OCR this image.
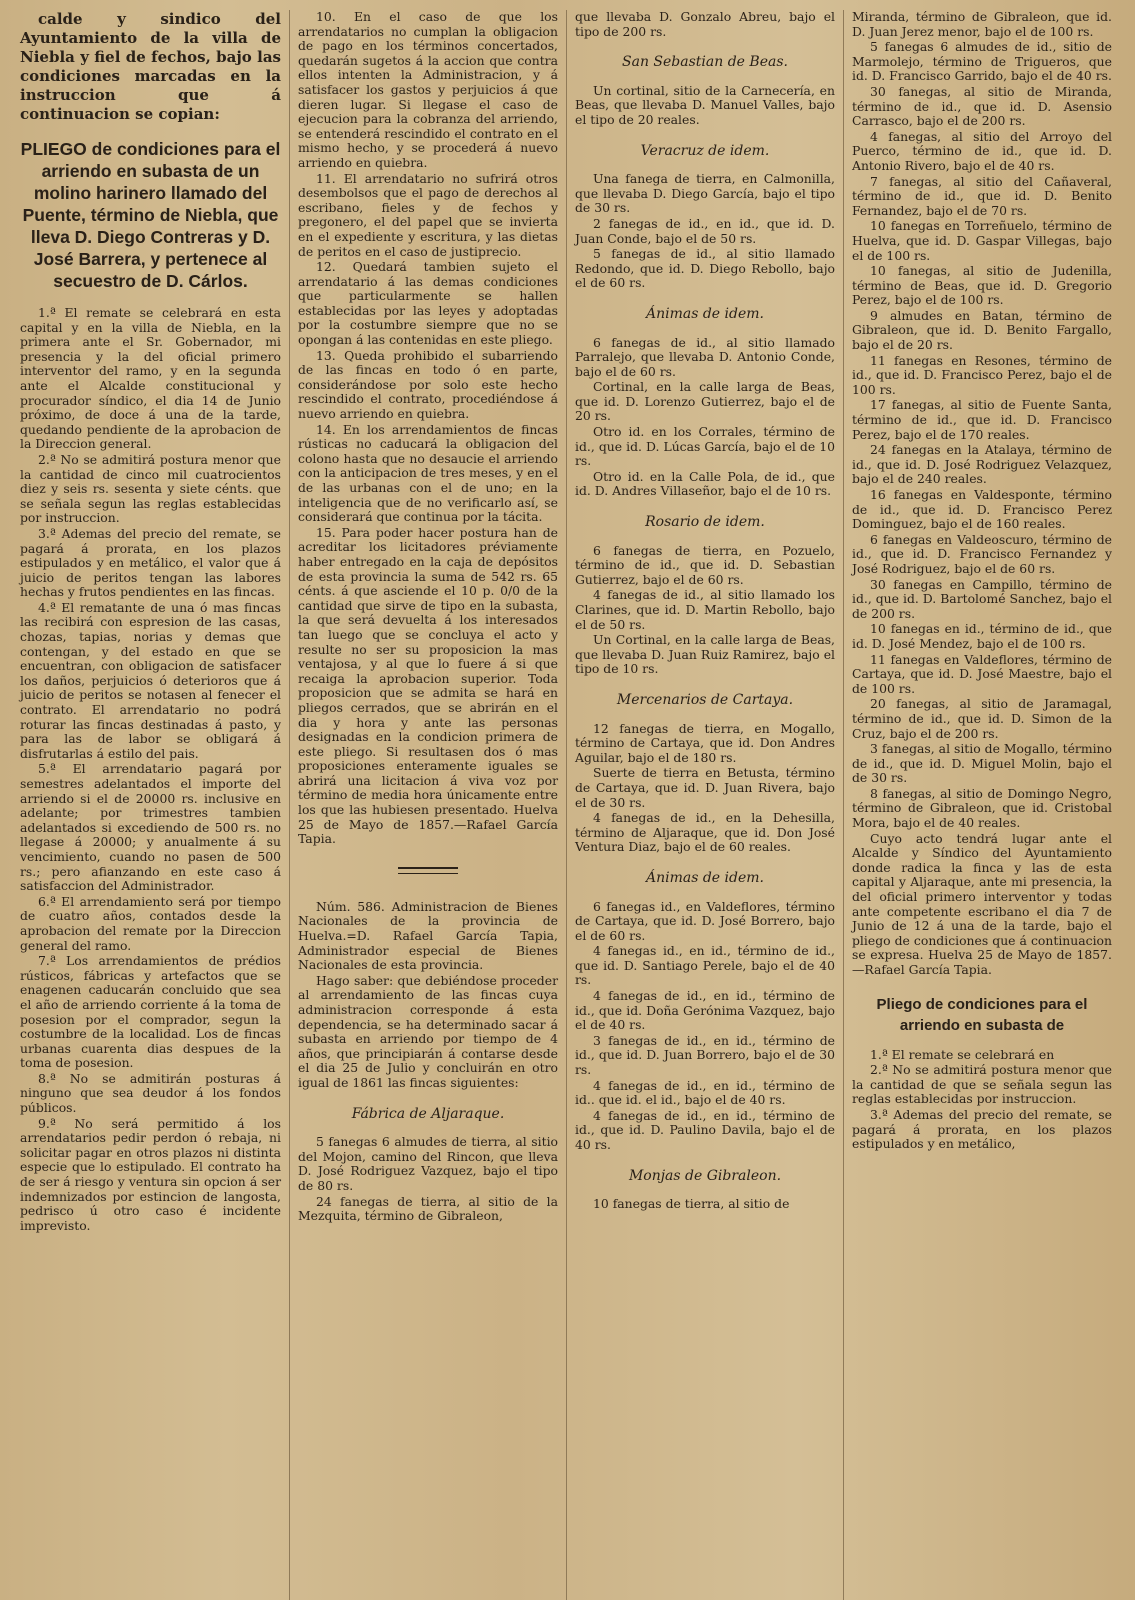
calde y sindico del Ayuntamiento de la villa de Niebla y fiel de fechos, bajo las condiciones marcadas en la instruccion que á continuacion se copian:

PLIEGO de condiciones para el arriendo en subasta de un molino harinero llamado del Puente, término de Niebla, que lleva D. Diego Contreras y D. José Barrera, y pertenece al secuestro de D. Cárlos.

1.ª El remate se celebrará en esta capital y en la villa de Niebla, en la primera ante el Sr. Gobernador, mi presencia y la del oficial primero interventor del ramo, y en la segunda ante el Alcalde constitucional y procurador síndico, el dia 14 de Junio próximo, de doce á una de la tarde, quedando pendiente de la aprobacion de la Direccion general.

2.ª No se admitirá postura menor que la cantidad de cinco mil cuatrocientos diez y seis rs. sesenta y siete cénts. que se señala segun las reglas establecidas por instruccion.

3.ª Ademas del precio del remate, se pagará á prorata, en los plazos estipulados y en metálico, el valor que á juicio de peritos tengan las labores hechas y frutos pendientes en las fincas.

4.ª El rematante de una ó mas fincas las recibirá con espresion de las casas, chozas, tapias, norias y demas que contengan, y del estado en que se encuentran, con obligacion de satisfacer los daños, perjuicios ó deterioros que á juicio de peritos se notasen al fenecer el contrato. El arrendatario no podrá roturar las fincas destinadas á pasto, y para las de labor se obligará á disfrutarlas á estilo del pais.

5.ª El arrendatario pagará por semestres adelantados el importe del arriendo si el de 20000 rs. inclusive en adelante; por trimestres tambien adelantados si excediendo de 500 rs. no llegase á 20000; y anualmente á su vencimiento, cuando no pasen de 500 rs.; pero afianzando en este caso á satisfaccion del Administrador.

6.ª El arrendamiento será por tiempo de cuatro años, contados desde la aprobacion del remate por la Direccion general del ramo.

7.ª Los arrendamientos de prédios rústicos, fábricas y artefactos que se enagenen caducarán concluido que sea el año de arriendo corriente á la toma de posesion por el comprador, segun la costumbre de la localidad. Los de fincas urbanas cuarenta dias despues de la toma de posesion.

8.ª No se admitirán posturas á ninguno que sea deudor á los fondos públicos.

9.ª No será permitido á los arrendatarios pedir perdon ó rebaja, ni solicitar pagar en otros plazos ni distinta especie que lo estipulado. El contrato ha de ser á riesgo y ventura sin opcion á ser indemnizados por estincion de langosta, pedrisco ú otro caso é incidente imprevisto.

10. En el caso de que los arrendatarios no cumplan la obligacion de pago en los términos concertados, quedarán sugetos á la accion que contra ellos intenten la Administracion, y á satisfacer los gastos y perjuicios á que dieren lugar. Si llegase el caso de ejecucion para la cobranza del arriendo, se entenderá rescindido el contrato en el mismo hecho, y se procederá á nuevo arriendo en quiebra.

11. El arrendatario no sufrirá otros desembolsos que el pago de derechos al escribano, fieles y de fechos y pregonero, el del papel que se invierta en el expediente y escritura, y las dietas de peritos en el caso de justiprecio.

12. Quedará tambien sujeto el arrendatario á las demas condiciones que particularmente se hallen establecidas por las leyes y adoptadas por la costumbre siempre que no se opongan á las contenidas en este pliego.

13. Queda prohibido el subarriendo de las fincas en todo ó en parte, considerándose por solo este hecho rescindido el contrato, procediéndose á nuevo arriendo en quiebra.

14. En los arrendamientos de fincas rústicas no caducará la obligacion del colono hasta que no desaucie el arriendo con la anticipacion de tres meses, y en el de las urbanas con el de uno; en la inteligencia que de no verificarlo así, se considerará que continua por la tácita.

15. Para poder hacer postura han de acreditar los licitadores préviamente haber entregado en la caja de depósitos de esta provincia la suma de 542 rs. 65 cénts. á que asciende el 10 p. 0/0 de la cantidad que sirve de tipo en la subasta, la que será devuelta á los interesados tan luego que se concluya el acto y resulte no ser su proposicion la mas ventajosa, y al que lo fuere á si que recaiga la aprobacion superior. Toda proposicion que se admita se hará en pliegos cerrados, que se abrirán en el dia y hora y ante las personas designadas en la condicion primera de este pliego. Si resultasen dos ó mas proposiciones enteramente iguales se abrirá una licitacion á viva voz por término de media hora únicamente entre los que las hubiesen presentado. Huelva 25 de Mayo de 1857.—Rafael García Tapia.

Núm. 586. Administracion de Bienes Nacionales de la provincia de Huelva.=D. Rafael García Tapia, Administrador especial de Bienes Nacionales de esta provincia.

Hago saber: que debiéndose proceder al arrendamiento de las fincas cuya administracion corresponde á esta dependencia, se ha determinado sacar á subasta en arriendo por tiempo de 4 años, que principiarán á contarse desde el dia 25 de Julio y concluirán en otro igual de 1861 las fincas siguientes:

Fábrica de Aljaraque.

5 fanegas 6 almudes de tierra, al sitio del Mojon, camino del Rincon, que lleva D. José Rodriguez Vazquez, bajo el tipo de 80 rs.

24 fanegas de tierra, al sitio de la Mezquita, término de Gibraleon,

que llevaba D. Gonzalo Abreu, bajo el tipo de 200 rs.

San Sebastian de Beas.

Un cortinal, sitio de la Carnecería, en Beas, que llevaba D. Manuel Valles, bajo el tipo de 20 reales.

Veracruz de idem.

Una fanega de tierra, en Calmonilla, que llevaba D. Diego García, bajo el tipo de 30 rs.

2 fanegas de id., en id., que id. D. Juan Conde, bajo el de 50 rs.

5 fanegas de id., al sitio llamado Redondo, que id. D. Diego Rebollo, bajo el de 60 rs.

Ánimas de idem.

6 fanegas de id., al sitio llamado Parralejo, que llevaba D. Antonio Conde, bajo el de 60 rs.

Cortinal, en la calle larga de Beas, que id. D. Lorenzo Gutierrez, bajo el de 20 rs.

Otro id. en los Corrales, término de id., que id. D. Lúcas García, bajo el de 10 rs.

Otro id. en la Calle Pola, de id., que id. D. Andres Villaseñor, bajo el de 10 rs.

Rosario de idem.

6 fanegas de tierra, en Pozuelo, término de id., que id. D. Sebastian Gutierrez, bajo el de 60 rs.

4 fanegas de id., al sitio llamado los Clarines, que id. D. Martin Rebollo, bajo el de 50 rs.

Un Cortinal, en la calle larga de Beas, que llevaba D. Juan Ruiz Ramirez, bajo el tipo de 10 rs.

Mercenarios de Cartaya.

12 fanegas de tierra, en Mogallo, término de Cartaya, que id. Don Andres Aguilar, bajo el de 180 rs.

Suerte de tierra en Betusta, término de Cartaya, que id. D. Juan Rivera, bajo el de 30 rs.

4 fanegas de id., en la Dehesilla, término de Aljaraque, que id. Don José Ventura Diaz, bajo el de 60 reales.

Ánimas de idem.

6 fanegas id., en Valdeflores, término de Cartaya, que id. D. José Borrero, bajo el de 60 rs.

4 fanegas id., en id., término de id., que id. D. Santiago Perele, bajo el de 40 rs.

4 fanegas de id., en id., término de id., que id. Doña Gerónima Vazquez, bajo el de 40 rs.

3 fanegas de id., en id., término de id., que id. D. Juan Borrero, bajo el de 30 rs.

4 fanegas de id., en id., término de id.. que id. el id., bajo el de 40 rs.

4 fanegas de id., en id., término de id., que id. D. Paulino Davila, bajo el de 40 rs.

Monjas de Gibraleon.

10 fanegas de tierra, al sitio de

Miranda, término de Gibraleon, que id. D. Juan Jerez menor, bajo el de 100 rs.

5 fanegas 6 almudes de id., sitio de Marmolejo, término de Trigueros, que id. D. Francisco Garrido, bajo el de 40 rs.

30 fanegas, al sitio de Miranda, término de id., que id. D. Asensio Carrasco, bajo el de 200 rs.

4 fanegas, al sitio del Arroyo del Puerco, término de id., que id. D. Antonio Rivero, bajo el de 40 rs.

7 fanegas, al sitio del Cañaveral, término de id., que id. D. Benito Fernandez, bajo el de 70 rs.

10 fanegas en Torreñuelo, término de Huelva, que id. D. Gaspar Villegas, bajo el de 100 rs.

10 fanegas, al sitio de Judenilla, término de Beas, que id. D. Gregorio Perez, bajo el de 100 rs.

9 almudes en Batan, término de Gibraleon, que id. D. Benito Fargallo, bajo el de 20 rs.

11 fanegas en Resones, término de id., que id. D. Francisco Perez, bajo el de 100 rs.

17 fanegas, al sitio de Fuente Santa, término de id., que id. D. Francisco Perez, bajo el de 170 reales.

24 fanegas en la Atalaya, término de id., que id. D. José Rodriguez Velazquez, bajo el de 240 reales.

16 fanegas en Valdesponte, término de id., que id. D. Francisco Perez Dominguez, bajo el de 160 reales.

6 fanegas en Valdeoscuro, término de id., que id. D. Francisco Fernandez y José Rodriguez, bajo el de 60 rs.

30 fanegas en Campillo, término de id., que id. D. Bartolomé Sanchez, bajo el de 200 rs.

10 fanegas en id., término de id., que id. D. José Mendez, bajo el de 100 rs.

11 fanegas en Valdeflores, término de Cartaya, que id. D. José Maestre, bajo el de 100 rs.

20 fanegas, al sitio de Jaramagal, término de id., que id. D. Simon de la Cruz, bajo el de 200 rs.

3 fanegas, al sitio de Mogallo, término de id., que id. D. Miguel Molin, bajo el de 30 rs.

8 fanegas, al sitio de Domingo Negro, término de Gibraleon, que id. Cristobal Mora, bajo el de 40 reales.

Cuyo acto tendrá lugar ante el Alcalde y Síndico del Ayuntamiento donde radica la finca y las de esta capital y Aljaraque, ante mi presencia, la del oficial primero interventor y todas ante competente escribano el dia 7 de Junio de 12 á una de la tarde, bajo el pliego de condiciones que á continuacion se expresa. Huelva 25 de Mayo de 1857.—Rafael García Tapia.

Pliego de condiciones para el arriendo en subasta de

1.ª El remate se celebrará en

2.ª No se admitirá postura menor que la cantidad de que se señala segun las reglas establecidas por instruccion.

3.ª Ademas del precio del remate, se pagará á prorata, en los plazos estipulados y en metálico,
